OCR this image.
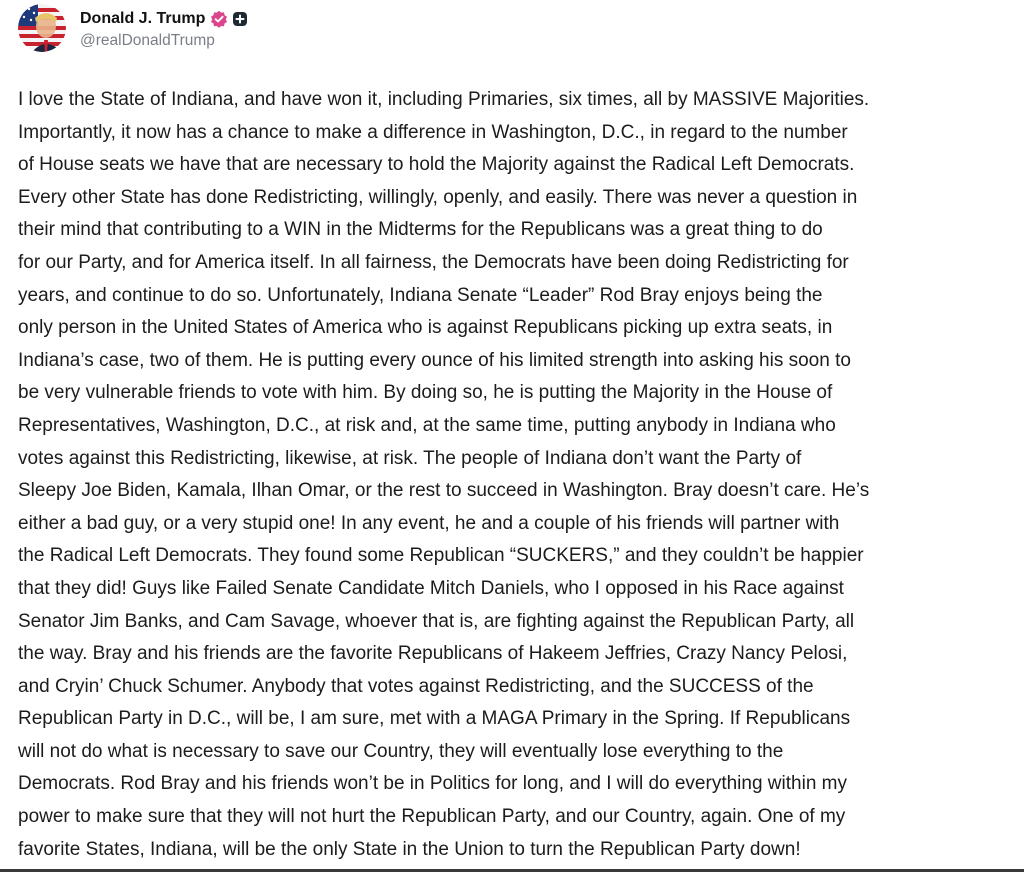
Donald J. Trump
@realDonaldTrump

I love the State of Indiana, and have won it, including Primaries, six times, all by MASSIVE Majorities.
Importantly, it now has a chance to make a difference in Washington, D.C., in regard to the number
of House seats we have that are necessary to hold the Majority against the Radical Left Democrats.
Every other State has done Redistricting, willingly, openly, and easily. There was never a question in
their mind that contributing to a WIN in the Midterms for the Republicans was a great thing to do
for our Party, and for America itself. In all fairness, the Democrats have been doing Redistricting for
years, and continue to do so. Unfortunately, Indiana Senate “Leader” Rod Bray enjoys being the
only person in the United States of America who is against Republicans picking up extra seats, in
Indiana’s case, two of them. He is putting every ounce of his limited strength into asking his soon to
be very vulnerable friends to vote with him. By doing so, he is putting the Majority in the House of
Representatives, Washington, D.C., at risk and, at the same time, putting anybody in Indiana who
votes against this Redistricting, likewise, at risk. The people of Indiana don’t want the Party of
Sleepy Joe Biden, Kamala, Ilhan Omar, or the rest to succeed in Washington. Bray doesn’t care. He’s
either a bad guy, or a very stupid one! In any event, he and a couple of his friends will partner with
the Radical Left Democrats. They found some Republican “SUCKERS,” and they couldn’t be happier
that they did! Guys like Failed Senate Candidate Mitch Daniels, who I opposed in his Race against
Senator Jim Banks, and Cam Savage, whoever that is, are fighting against the Republican Party, all
the way. Bray and his friends are the favorite Republicans of Hakeem Jeffries, Crazy Nancy Pelosi,
and Cryin’ Chuck Schumer. Anybody that votes against Redistricting, and the SUCCESS of the
Republican Party in D.C., will be, I am sure, met with a MAGA Primary in the Spring. If Republicans
will not do what is necessary to save our Country, they will eventually lose everything to the
Democrats. Rod Bray and his friends won’t be in Politics for long, and I will do everything within my
power to make sure that they will not hurt the Republican Party, and our Country, again. One of my
favorite States, Indiana, will be the only State in the Union to turn the Republican Party down!
